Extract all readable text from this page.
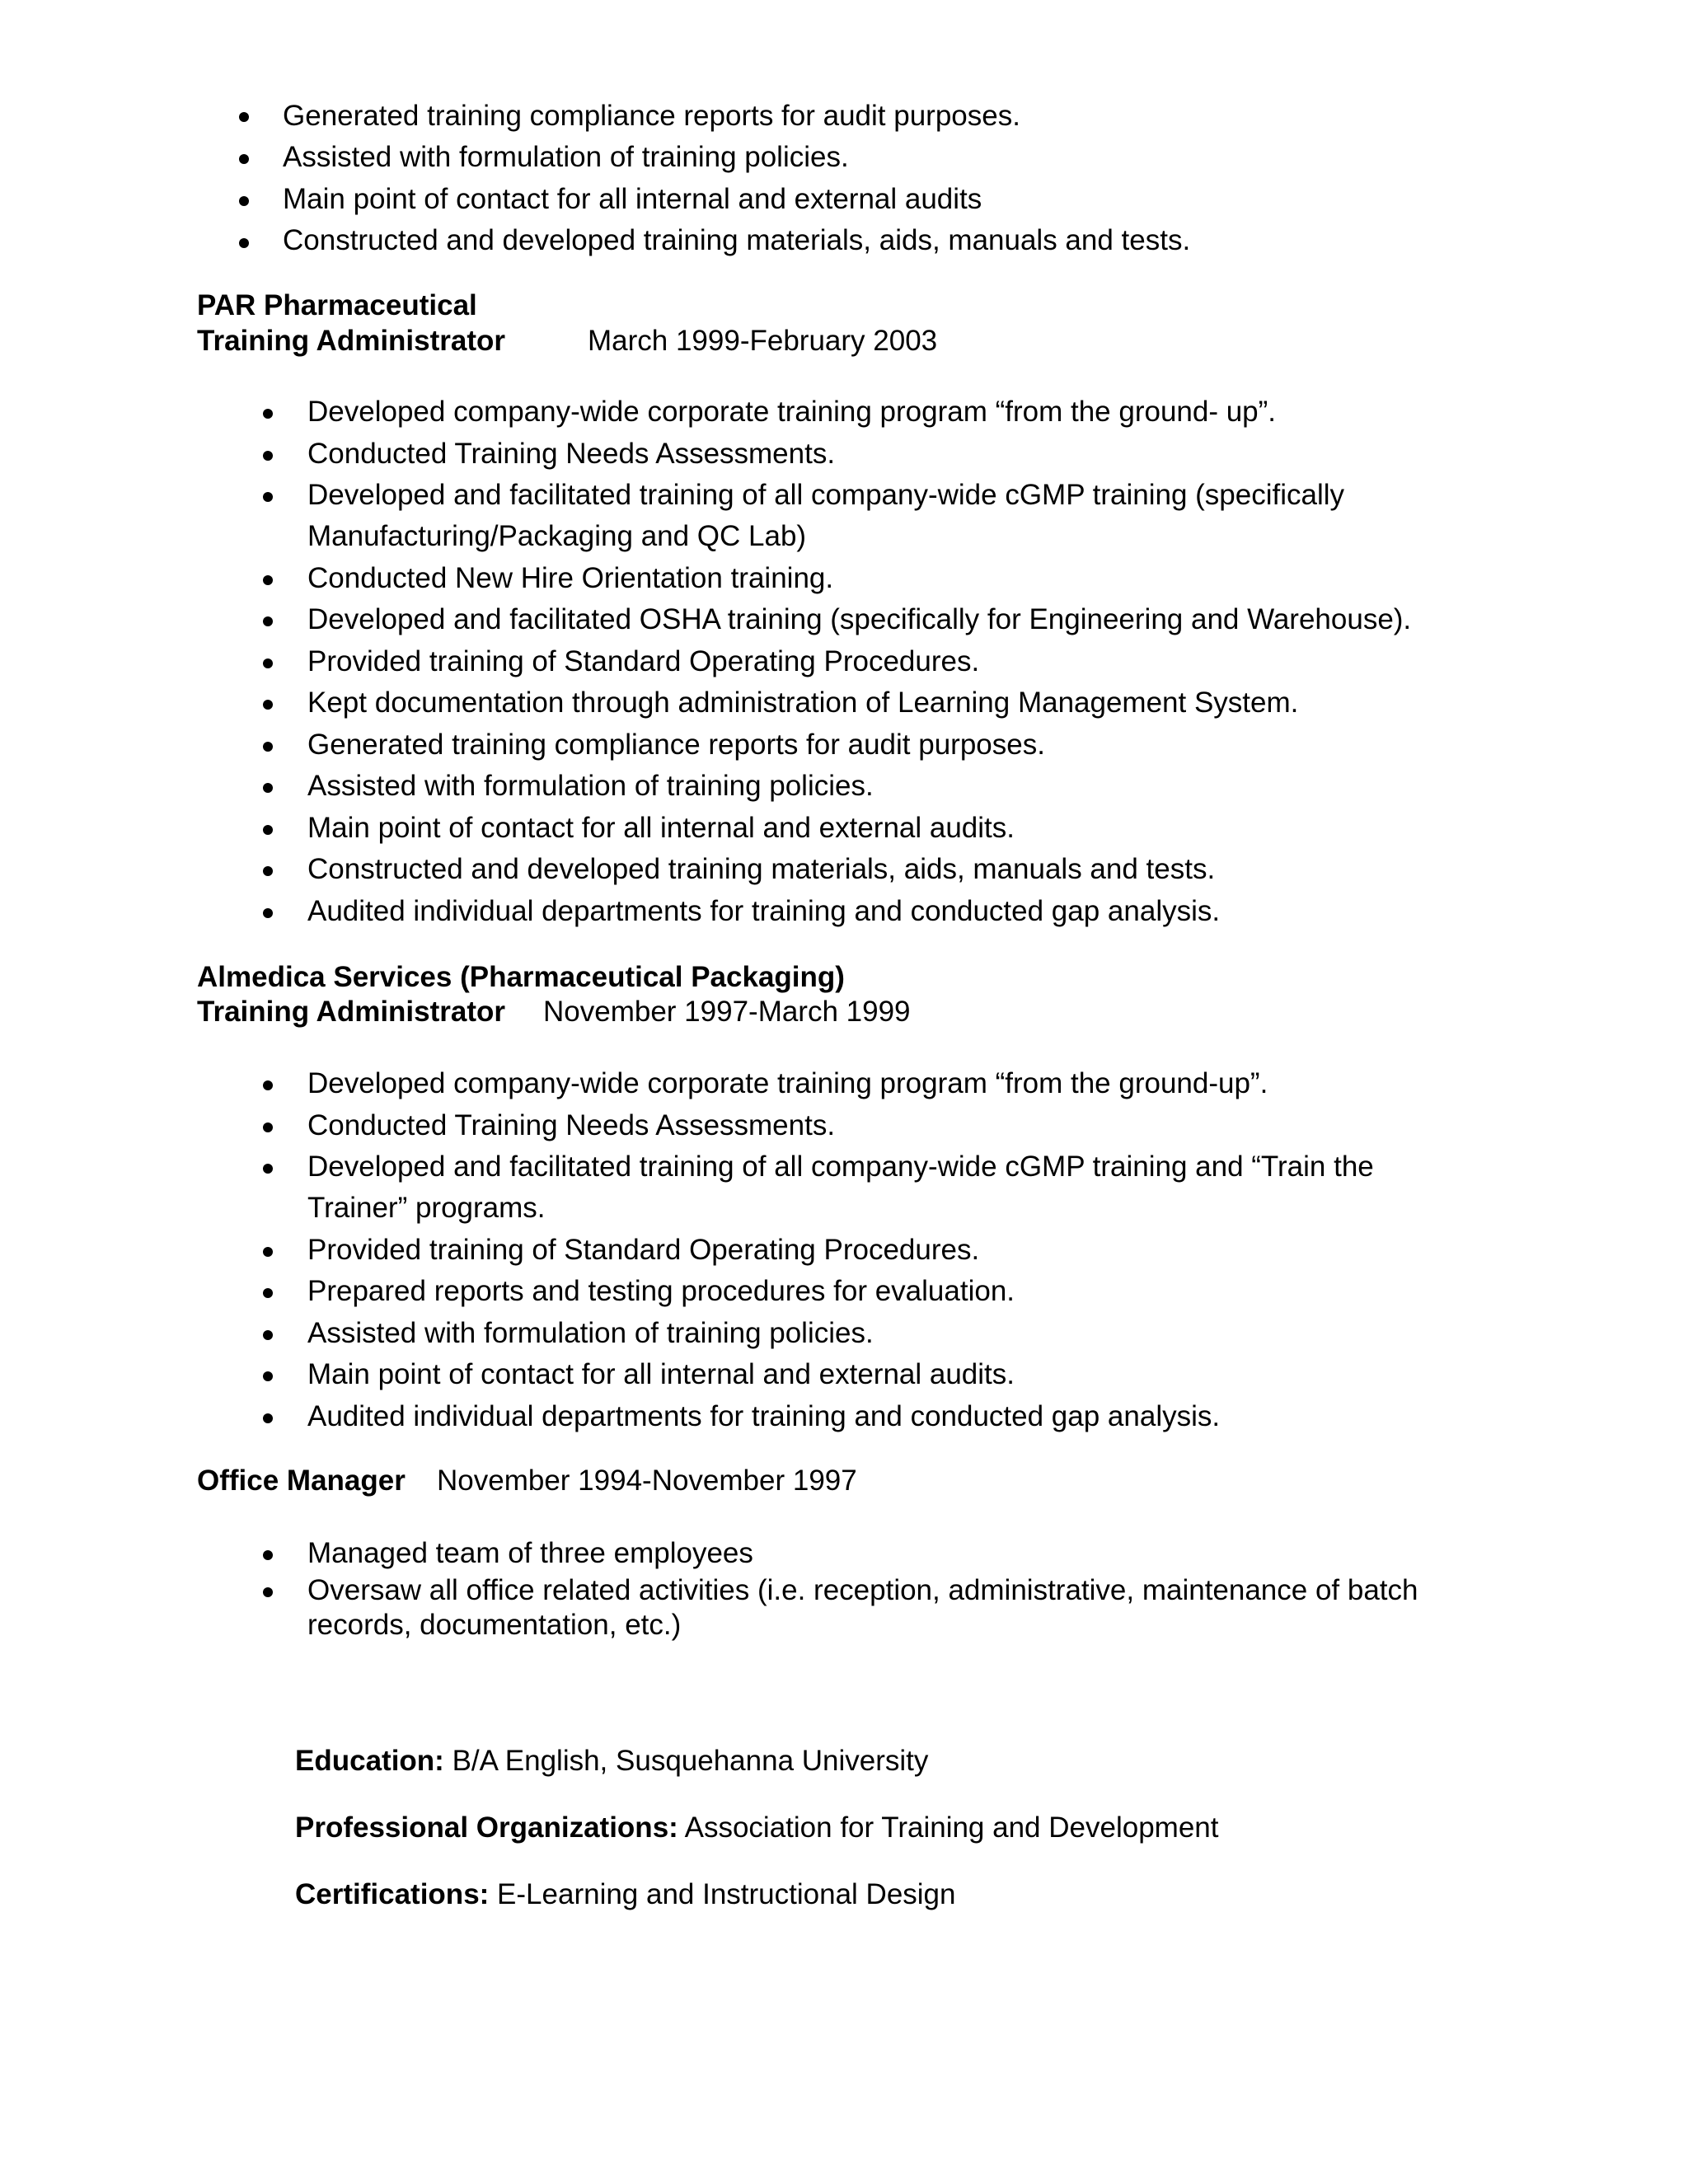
Generated training compliance reports for audit purposes.
Assisted with formulation of training policies.
Main point of contact for all internal and external audits
Constructed and developed training materials, aids, manuals and tests.
PAR Pharmaceutical
Training Administrator	March 1999-February 2003
Developed company-wide corporate training program “from the ground- up”.
Conducted Training Needs Assessments.
Developed and facilitated training of all company-wide cGMP training (specifically
Manufacturing/Packaging and QC Lab)
Conducted New Hire Orientation training.
Developed and facilitated OSHA training (specifically for Engineering and Warehouse).
Provided training of Standard Operating Procedures.
Kept documentation through administration of Learning Management System.
Generated training compliance reports for audit purposes.
Assisted with formulation of training policies.
Main point of contact for all internal and external audits.
Constructed and developed training materials, aids, manuals and tests.
Audited individual departments for training and conducted gap analysis.
Almedica Services (Pharmaceutical Packaging)
Training Administrator November 1997-March 1999
Developed company-wide corporate training program “from the ground-up”.
Conducted Training Needs Assessments.
Developed and facilitated training of all company-wide cGMP training and “Train the
Trainer” programs.
Provided training of Standard Operating Procedures.
Prepared reports and testing procedures for evaluation.
Assisted with formulation of training policies.
Main point of contact for all internal and external audits.
Audited individual departments for training and conducted gap analysis.
Office Manager November 1994-November 1997
Managed team of three employees
Oversaw all office related activities (i.e. reception, administrative, maintenance of batch
records, documentation, etc.)
Education: B/A English, Susquehanna University
Professional Organizations: Association for Training and Development
Certifications: E-Learning and Instructional Design
